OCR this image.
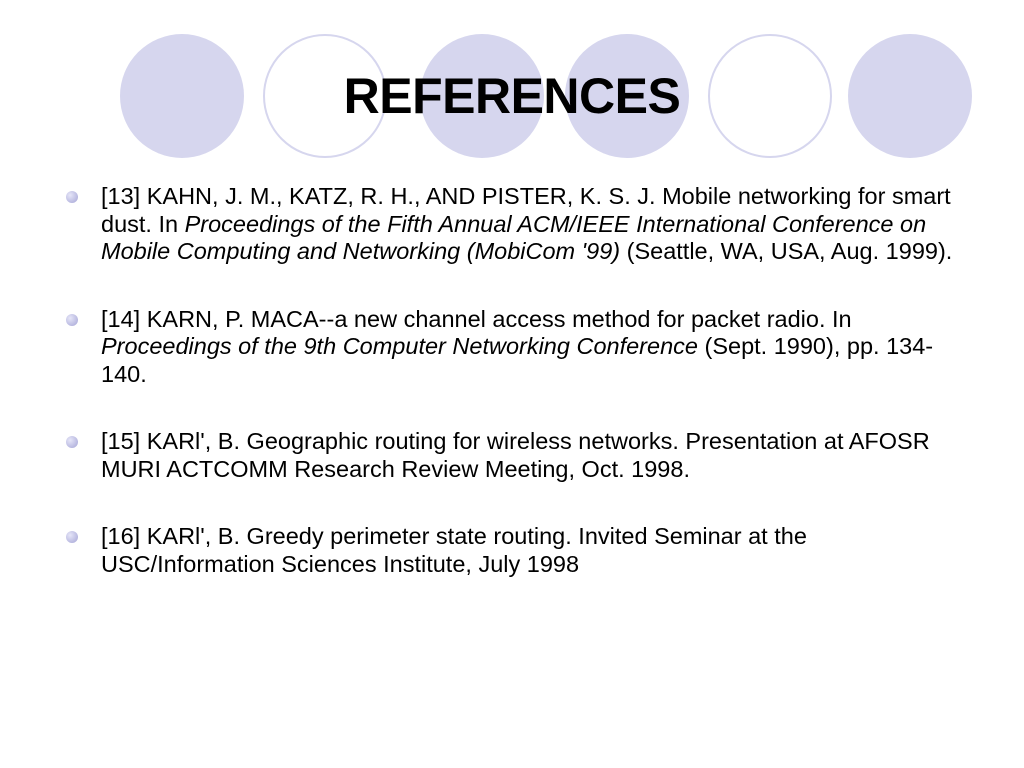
REFERENCES
[13] KAHN, J. M., KATZ, R. H., AND PISTER, K. S. J. Mobile networking for smart dust. In Proceedings of the Fifth Annual ACM/IEEE International Conference on Mobile Computing and Networking (MobiCom '99) (Seattle, WA, USA, Aug. 1999).
[14] KARN, P. MACA--a new channel access method for packet radio. In Proceedings of the 9th Computer Networking Conference (Sept. 1990), pp. 134-140.
[15] KARl', B. Geographic routing for wireless networks. Presentation at AFOSR MURI ACTCOMM Research Review Meeting, Oct. 1998.
[16] KARl', B. Greedy perimeter state routing. Invited Seminar at the USC/Information Sciences Institute, July 1998
